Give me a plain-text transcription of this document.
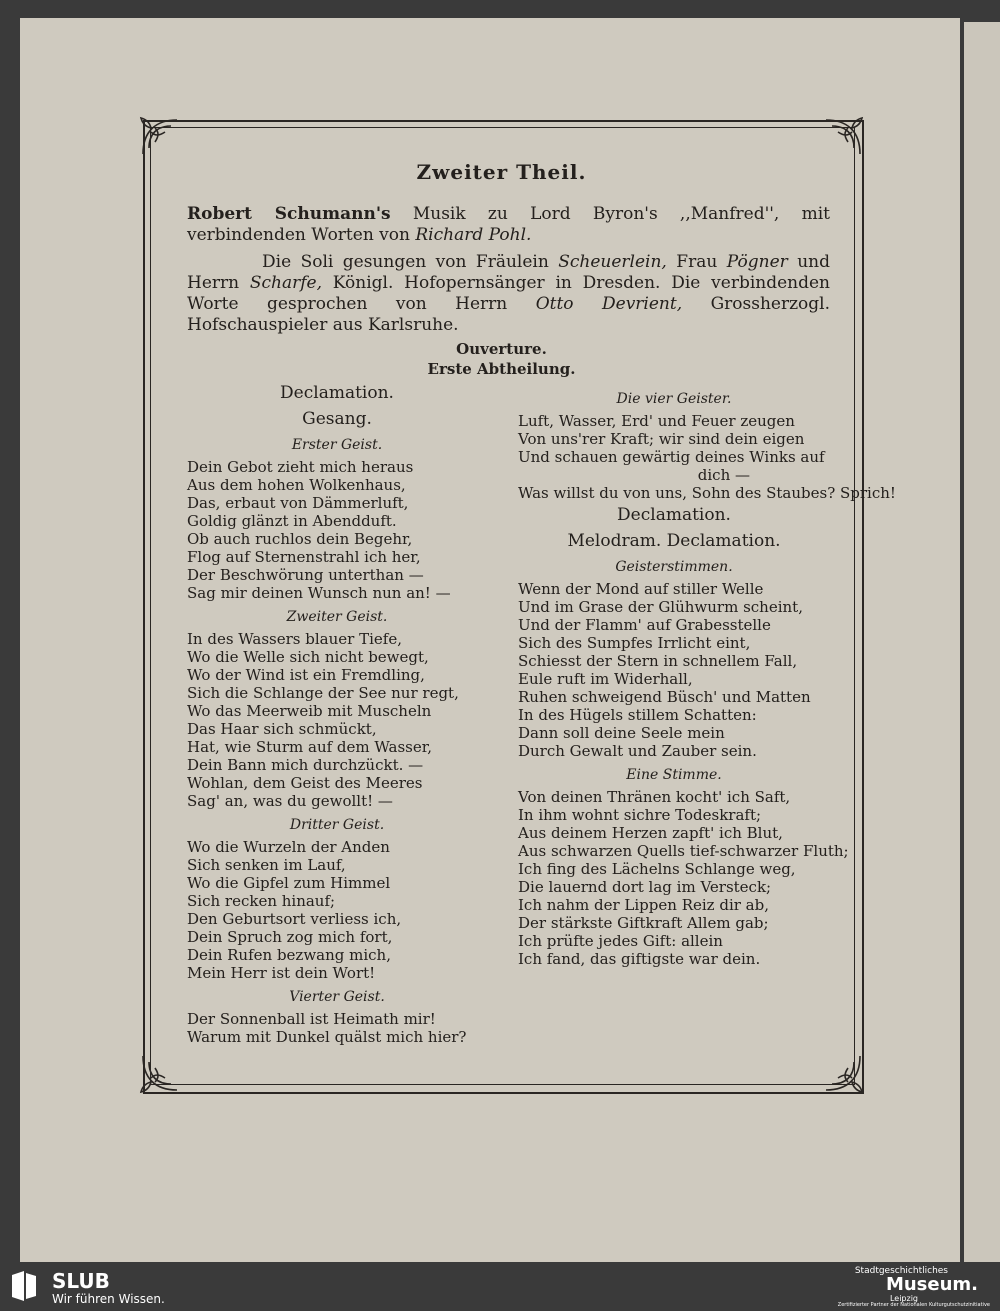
Zweiter Theil.

Robert Schumann's Musik zu Lord Byron's ,,Manfred'', mit verbindenden Worten von Richard Pohl.

Die Soli gesungen von Fräulein Scheuerlein, Frau Pögner und Herrn Scharfe, Königl. Hofopernsänger in Dresden. Die verbindenden Worte gesprochen von Herrn Otto Devrient, Grossherzogl. Hofschauspieler aus Karlsruhe.

Ouverture.
Erste Abtheilung.
Declamation.
Gesang.
Erster Geist.
Dein Gebot zieht mich heraus
Aus dem hohen Wolkenhaus,
Das, erbaut von Dämmerluft,
Goldig glänzt in Abendduft.
Ob auch ruchlos dein Begehr,
Flog auf Sternenstrahl ich her,
Der Beschwörung unterthan —
Sag mir deinen Wunsch nun an! —
Zweiter Geist.
In des Wassers blauer Tiefe,
Wo die Welle sich nicht bewegt,
Wo der Wind ist ein Fremdling,
Sich die Schlange der See nur regt,
Wo das Meerweib mit Muscheln
Das Haar sich schmückt,
Hat, wie Sturm auf dem Wasser,
Dein Bann mich durchzückt. —
Wohlan, dem Geist des Meeres
Sag' an, was du gewollt! —
Dritter Geist.
Wo die Wurzeln der Anden
Sich senken im Lauf,
Wo die Gipfel zum Himmel
Sich recken hinauf;
Den Geburtsort verliess ich,
Dein Spruch zog mich fort,
Dein Rufen bezwang mich,
Mein Herr ist dein Wort!
Vierter Geist.
Der Sonnenball ist Heimath mir!
Warum mit Dunkel quälst mich hier?
Die vier Geister.
Luft, Wasser, Erd' und Feuer zeugen
Von uns'rer Kraft; wir sind dein eigen
Und schauen gewärtig deines Winks auf
dich —
Was willst du von uns, Sohn des Staubes? Sprich!
Declamation.
Melodram. Declamation.
Geisterstimmen.
Wenn der Mond auf stiller Welle
Und im Grase der Glühwurm scheint,
Und der Flamm' auf Grabesstelle
Sich des Sumpfes Irrlicht eint,
Schiesst der Stern in schnellem Fall,
Eule ruft im Widerhall,
Ruhen schweigend Büsch' und Matten
In des Hügels stillem Schatten:
Dann soll deine Seele mein
Durch Gewalt und Zauber sein.
Eine Stimme.
Von deinen Thränen kocht' ich Saft,
In ihm wohnt sichre Todeskraft;
Aus deinem Herzen zapft' ich Blut,
Aus schwarzen Quells tief-schwarzer Fluth;
Ich fing des Lächelns Schlange weg,
Die lauernd dort lag im Versteck;
Ich nahm der Lippen Reiz dir ab,
Der stärkste Giftkraft Allem gab;
Ich prüfte jedes Gift: allein
Ich fand, das giftigste war dein.
SLUB
Wir führen Wissen.
Stadtgeschichtliches
Museum.
Leipzig
Zertifizierter Partner der Nationalen Kulturgutschutzinitiative
